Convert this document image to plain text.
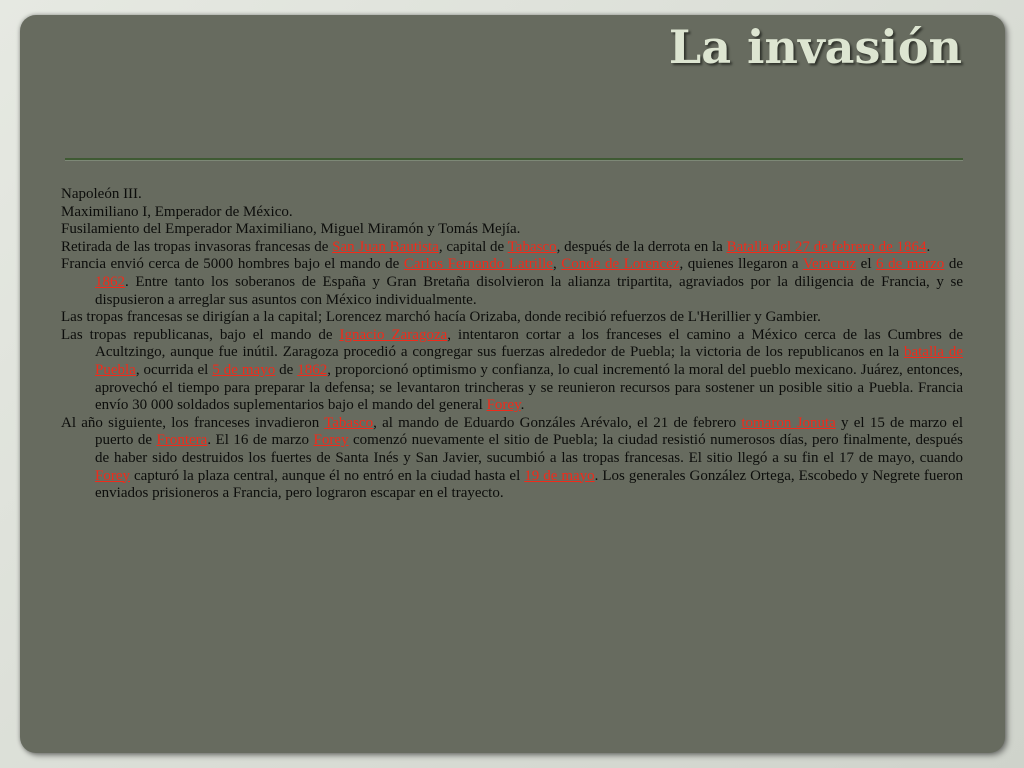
La invasión
Napoleón III.
Maximiliano I, Emperador de México.
Fusilamiento del Emperador Maximiliano, Miguel Miramón y Tomás Mejía.
Retirada de las tropas invasoras francesas de San Juan Bautista, capital de Tabasco, después de la derrota en la Batalla del 27 de febrero de 1864.
Francia envió cerca de 5000 hombres bajo el mando de Carlos Fernando Latrille, Conde de Lorencez, quienes llegaron a Veracruz el 6 de marzo de 1862. Entre tanto los soberanos de España y Gran Bretaña disolvieron la alianza tripartita, agraviados por la diligencia de Francia, y se dispusieron a arreglar sus asuntos con México individualmente.
Las tropas francesas se dirigían a la capital; Lorencez marchó hacía Orizaba, donde recibió refuerzos de L'Herillier y Gambier.
Las tropas republicanas, bajo el mando de Ignacio Zaragoza, intentaron cortar a los franceses el camino a México cerca de las Cumbres de Acultzingo, aunque fue inútil. Zaragoza procedió a congregar sus fuerzas alrededor de Puebla; la victoria de los republicanos en la batalla de Puebla, ocurrida el 5 de mayo de 1862, proporcionó optimismo y confianza, lo cual incrementó la moral del pueblo mexicano. Juárez, entonces, aprovechó el tiempo para preparar la defensa; se levantaron trincheras y se reunieron recursos para sostener un posible sitio a Puebla. Francia envío 30 000 soldados suplementarios bajo el mando del general Forey.
Al año siguiente, los franceses invadieron Tabasco, al mando de Eduardo Gonzáles Arévalo, el 21 de febrero tomaron Jonuta y el 15 de marzo el puerto de Frontera. El 16 de marzo Forey comenzó nuevamente el sitio de Puebla; la ciudad resistió numerosos días, pero finalmente, después de haber sido destruidos los fuertes de Santa Inés y San Javier, sucumbió a las tropas francesas. El sitio llegó a su fin el 17 de mayo, cuando Forey capturó la plaza central, aunque él no entró en la ciudad hasta el 19 de mayo. Los generales González Ortega, Escobedo y Negrete fueron enviados prisioneros a Francia, pero lograron escapar en el trayecto.
